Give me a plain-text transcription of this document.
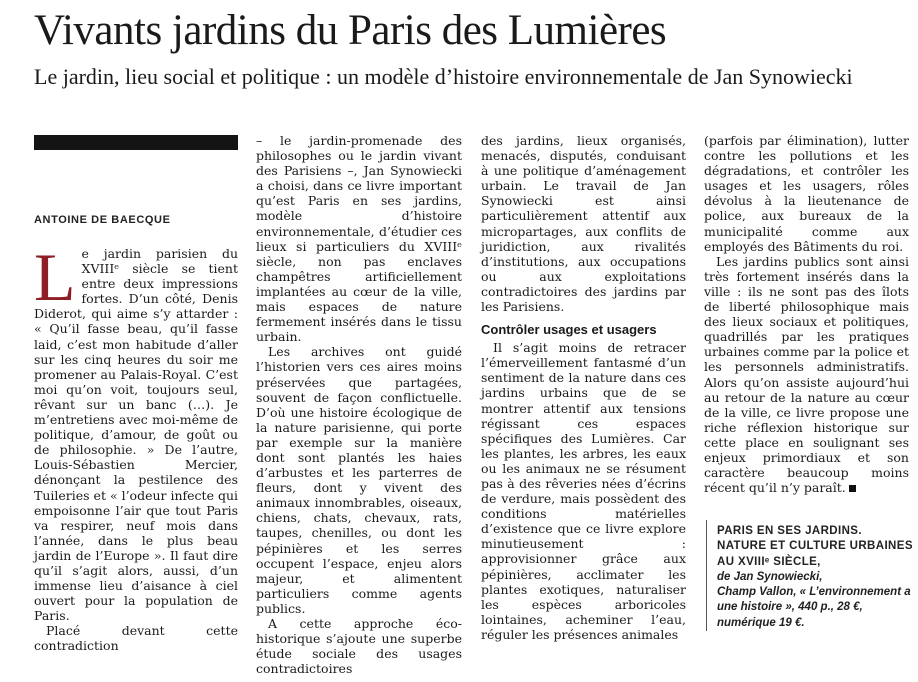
Vivants jardins du Paris des Lumières
Le jardin, lieu social et politique : un modèle d’histoire environnementale de Jan Synowiecki
ANTOINE DE BAECQUE

Le jardin parisien du XVIIIᵉ siècle se tient entre deux impressions fortes. D’un côté, Denis Diderot, qui aime s’y attarder : « Qu’il fasse beau, qu’il fasse laid, c’est mon habitude d’aller sur les cinq heures du soir me promener au Palais-Royal. C’est moi qu’on voit, toujours seul, rêvant sur un banc (…). Je m’entretiens avec moi-même de politique, d’amour, de goût ou de philosophie. » De l’autre, Louis-Sébastien Mercier, dénonçant la pestilence des Tuileries et « l’odeur infecte qui empoisonne l’air que tout Paris va respirer, neuf mois dans l’année, dans le plus beau jardin de l’Europe ». Il faut dire qu’il s’agit alors, aussi, d’un immense lieu d’aisance à ciel ouvert pour la population de Paris.

Placé devant cette contradiction

– le jardin-promenade des philosophes ou le jardin vivant des Parisiens –, Jan Synowiecki a choisi, dans ce livre important qu’est Paris en ses jardins, modèle d’histoire environnementale, d’étudier ces lieux si particuliers du XVIIIᵉ siècle, non pas enclaves champêtres artificiellement implantées au cœur de la ville, mais espaces de nature fermement insérés dans le tissu urbain.

Les archives ont guidé l’historien vers ces aires moins préservées que partagées, souvent de façon conflictuelle. D’où une histoire écologique de la nature parisienne, qui porte par exemple sur la manière dont sont plantés les haies d’arbustes et les parterres de fleurs, dont y vivent des animaux innombrables, oiseaux, chiens, chats, chevaux, rats, taupes, chenilles, ou dont les pépinières et les serres occupent l’espace, enjeu alors majeur, et alimentent particuliers comme agents publics.

A cette approche éco-historique s’ajoute une superbe étude sociale des usages contradictoires

des jardins, lieux organisés, menacés, disputés, conduisant à une politique d’aménagement urbain. Le travail de Jan Synowiecki est ainsi particulièrement attentif aux micropartages, aux conflits de juridiction, aux rivalités d’institutions, aux occupations ou aux exploitations contradictoires des jardins par les Parisiens.

Contrôler usages et usagers

Il s’agit moins de retracer l’émerveillement fantasmé d’un sentiment de la nature dans ces jardins urbains que de se montrer attentif aux tensions régissant ces espaces spécifiques des Lumières. Car les plantes, les arbres, les eaux ou les animaux ne se résument pas à des rêveries nées d’écrins de verdure, mais possèdent des conditions matérielles d’existence que ce livre explore minutieusement : approvisionner grâce aux pépinières, acclimater les plantes exotiques, naturaliser les espèces arboricoles lointaines, acheminer l’eau, réguler les présences animales

(parfois par élimination), lutter contre les pollutions et les dégradations, et contrôler les usages et les usagers, rôles dévolus à la lieutenance de police, aux bureaux de la municipalité comme aux employés des Bâtiments du roi.

Les jardins publics sont ainsi très fortement insérés dans la ville : ils ne sont pas des îlots de liberté philosophique mais des lieux sociaux et politiques, quadrillés par les pratiques urbaines comme par la police et les personnels administratifs. Alors qu’on assiste aujourd’hui au retour de la nature au cœur de la ville, ce livre propose une riche réflexion historique sur cette place en soulignant ses enjeux primordiaux et son caractère beaucoup moins récent qu’il n’y paraît.

PARIS EN SES JARDINS.
NATURE ET CULTURE URBAINES
AU XVIIIᵉ SIÈCLE,
de Jan Synowiecki,
Champ Vallon, « L’environnement a une histoire », 440 p., 28 €, numérique 19 €.
